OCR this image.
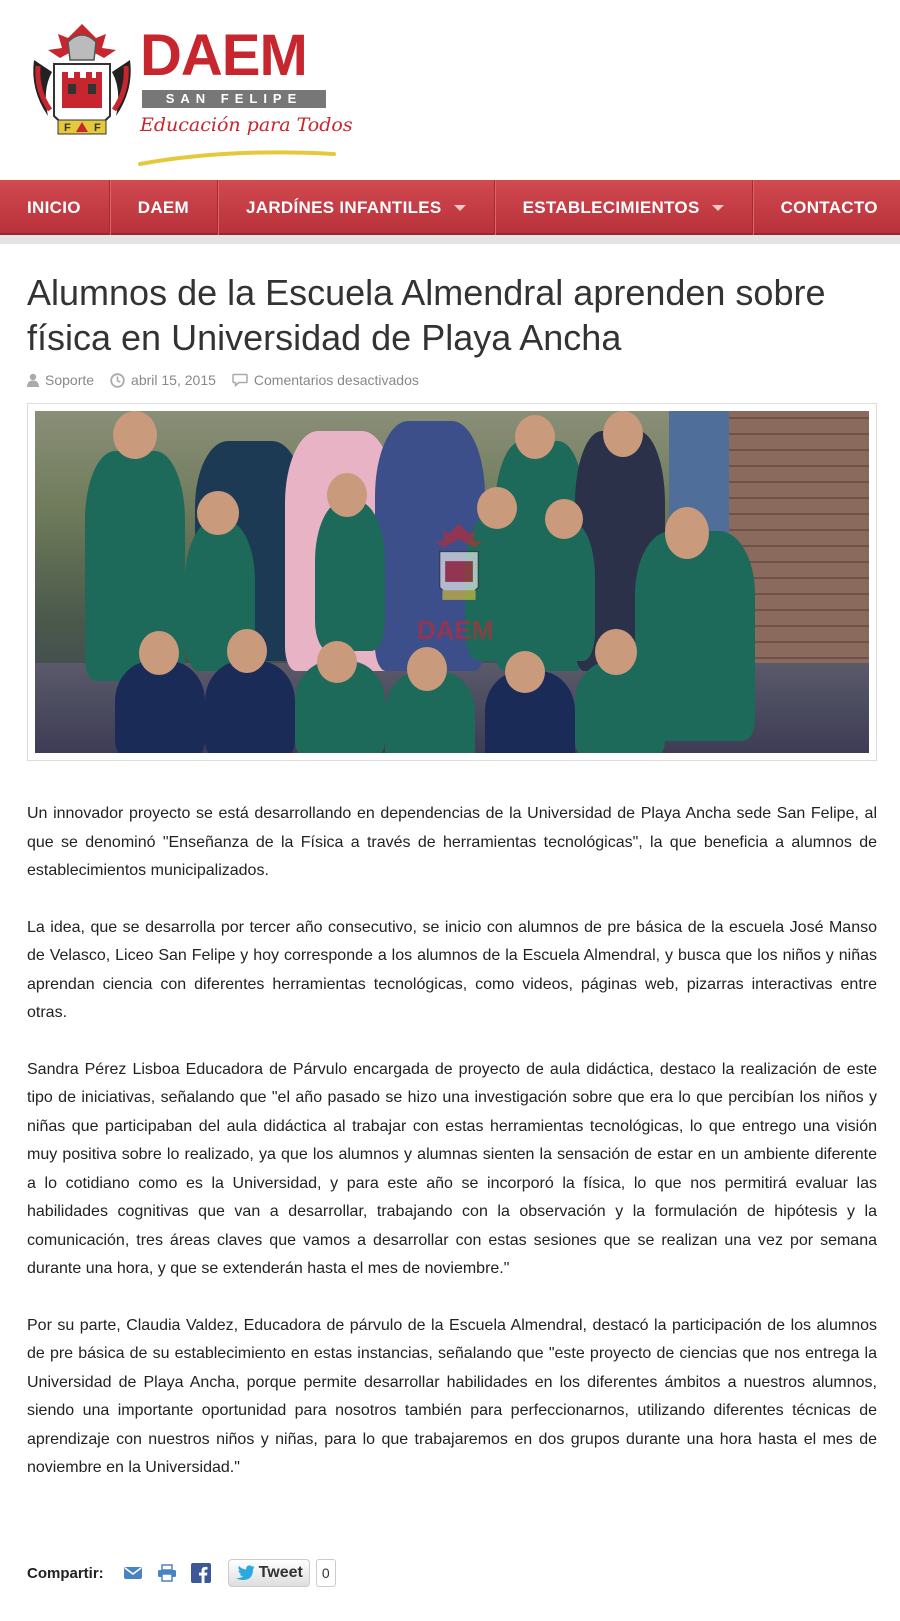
F F
DAEM
SAN FELIPE
Educación para Todos
INICIO	DAEM	JARDÍNES INFANTILES	ESTABLECIMIENTOS	CONTACTO
Alumnos de la Escuela Almendral aprenden sobre física en Universidad de Playa Ancha
Soporte	abril 15, 2015	Comentarios desactivados
DAEM

Un innovador proyecto se está desarrollando en dependencias de la Universidad de Playa Ancha sede San Felipe, al que se denominó "Enseñanza de la Física a través de herramientas tecnológicas", la que beneficia a alumnos de establecimientos municipalizados.

La idea, que se desarrolla por tercer año consecutivo, se inicio con alumnos de pre básica de la escuela José Manso de Velasco, Liceo San Felipe y hoy corresponde a los alumnos de la Escuela Almendral, y busca que los niños y niñas aprendan ciencia con diferentes herramientas tecnológicas, como videos, páginas web, pizarras interactivas entre otras.

Sandra Pérez Lisboa Educadora de Párvulo encargada de proyecto de aula didáctica, destaco la realización de este tipo de iniciativas, señalando que "el año pasado se hizo una investigación sobre que era lo que percibían los niños y niñas que participaban del aula didáctica al trabajar con estas herramientas tecnológicas, lo que entrego una visión muy positiva sobre lo realizado, ya que los alumnos y alumnas sienten la sensación de estar en un ambiente diferente a lo cotidiano como es la Universidad, y para este año se incorporó la física, lo que nos permitirá evaluar las habilidades cognitivas que van a desarrollar, trabajando con la observación y la formulación de hipótesis y la comunicación, tres áreas claves que vamos a desarrollar con estas sesiones que se realizan una vez por semana durante una hora, y que se extenderán hasta el mes de noviembre."

Por su parte, Claudia Valdez, Educadora de párvulo de la Escuela Almendral, destacó la participación de los alumnos de pre básica de su establecimiento en estas instancias, señalando que "este proyecto de ciencias que nos entrega la Universidad de Playa Ancha, porque permite desarrollar habilidades en los diferentes ámbitos a nuestros alumnos, siendo una importante oportunidad para nosotros también para perfeccionarnos, utilizando diferentes técnicas de aprendizaje con nuestros niños y niñas, para lo que trabajaremos en dos grupos durante una hora hasta el mes de noviembre en la Universidad."

Compartir:	Tweet	0
